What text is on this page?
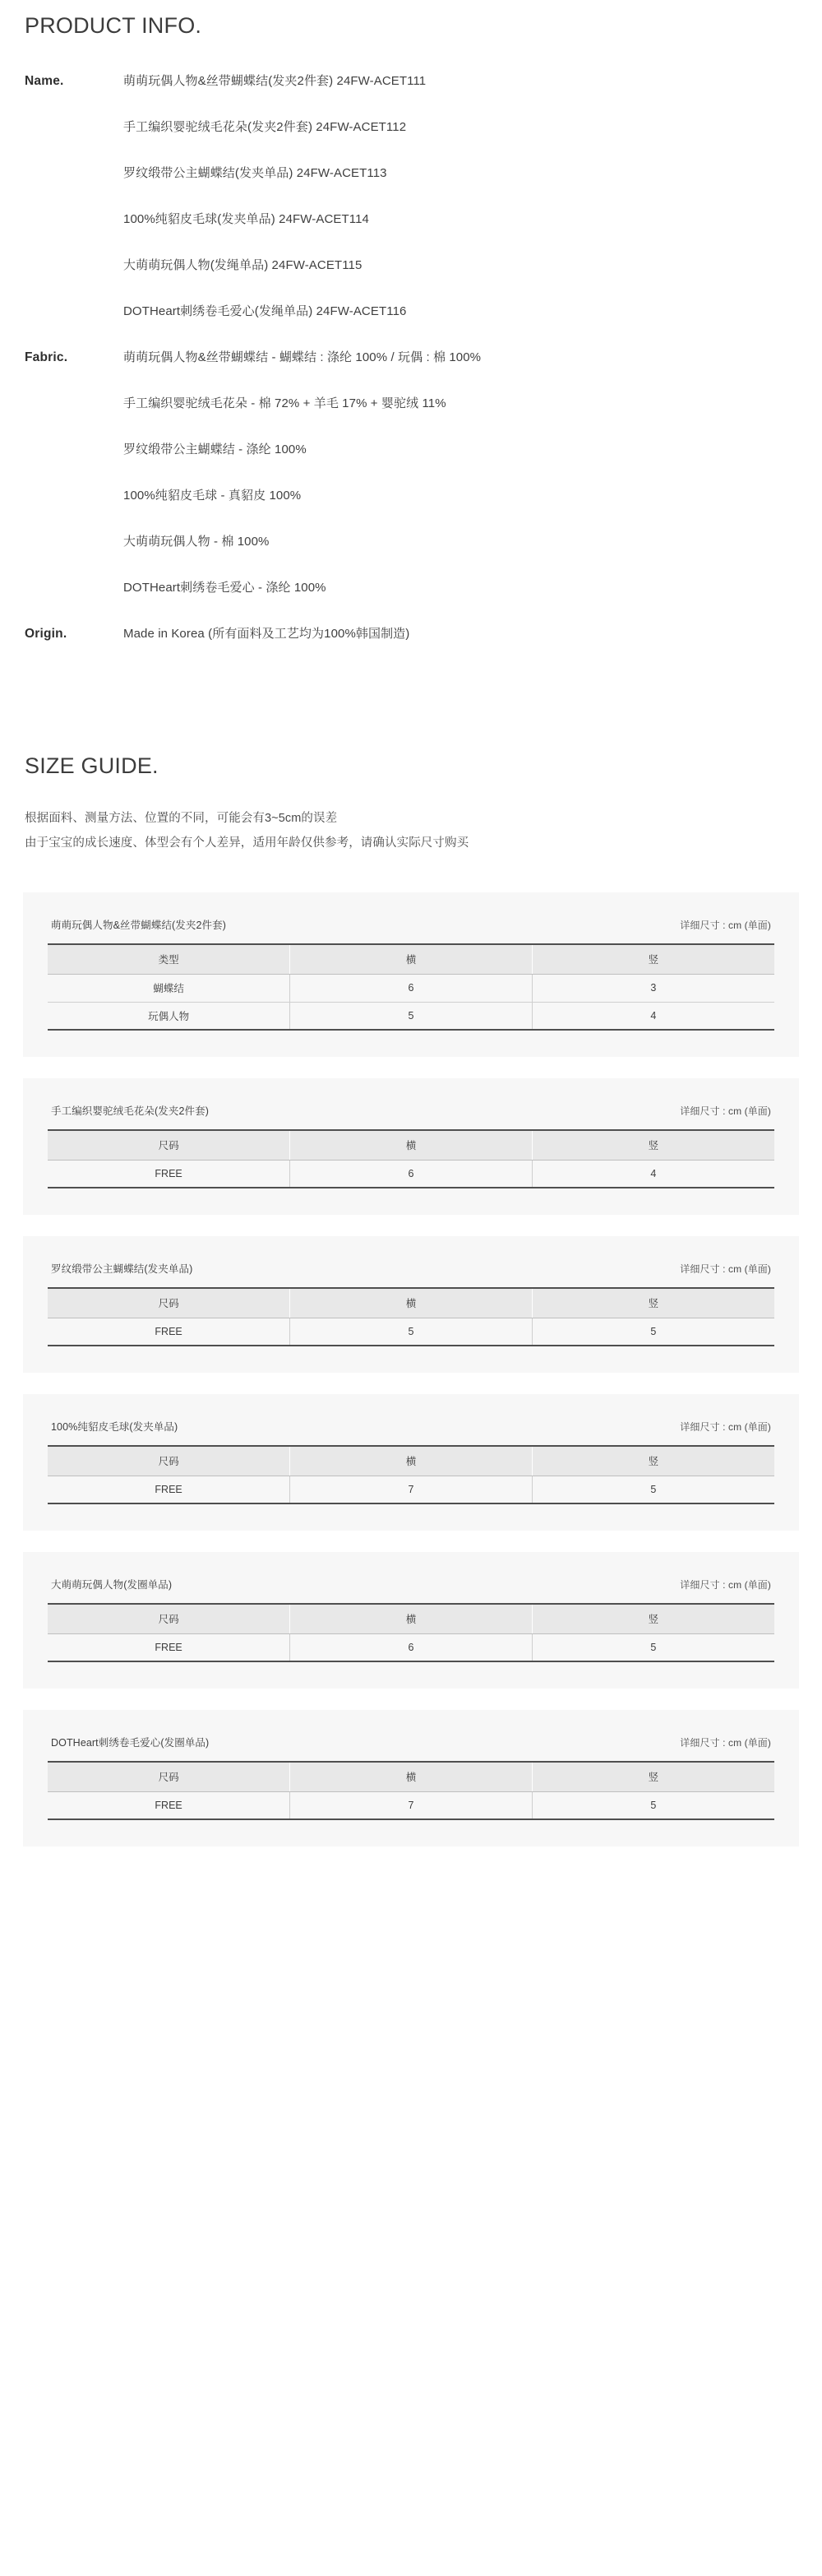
PRODUCT INFO.
Name.	萌萌玩偶人物&丝带蝴蝶结(发夹2件套) 24FW-ACET111
手工编织婴驼绒毛花朵(发夹2件套) 24FW-ACET112
罗纹缎带公主蝴蝶结(发夹单品) 24FW-ACET113
100%纯貂皮毛球(发夹单品) 24FW-ACET114
大萌萌玩偶人物(发绳单品) 24FW-ACET115
DOTHeart刺绣卷毛爱心(发绳单品) 24FW-ACET116
Fabric.	萌萌玩偶人物&丝带蝴蝶结 - 蝴蝶结 : 涤纶 100% / 玩偶 : 棉 100%
手工编织婴驼绒毛花朵 - 棉 72% + 羊毛 17% + 婴驼绒 11%
罗纹缎带公主蝴蝶结 - 涤纶 100%
100%纯貂皮毛球 - 真貂皮 100%
大萌萌玩偶人物 - 棉 100%
DOTHeart刺绣卷毛爱心 - 涤纶 100%
Origin.	Made in Korea (所有面料及工艺均为100%韩国制造)
SIZE GUIDE.
根据面料、测量方法、位置的不同，可能会有3~5cm的误差
由于宝宝的成长速度、体型会有个人差异，适用年龄仅供参考，请确认实际尺寸购买
萌萌玩偶人物&丝带蝴蝶结(发夹2件套)	详细尺寸 : cm (单面)
类型	横	竖
蝴蝶结	6	3
玩偶人物	5	4
手工编织婴驼绒毛花朵(发夹2件套)	详细尺寸 : cm (单面)
尺码	横	竖
FREE	6	4
罗纹缎带公主蝴蝶结(发夹单品)	详细尺寸 : cm (单面)
尺码	横	竖
FREE	5	5
100%纯貂皮毛球(发夹单品)	详细尺寸 : cm (单面)
尺码	横	竖
FREE	7	5
大萌萌玩偶人物(发圈单品)	详细尺寸 : cm (单面)
尺码	横	竖
FREE	6	5
DOTHeart刺绣卷毛爱心(发圈单品)	详细尺寸 : cm (单面)
尺码	横	竖
FREE	7	5
